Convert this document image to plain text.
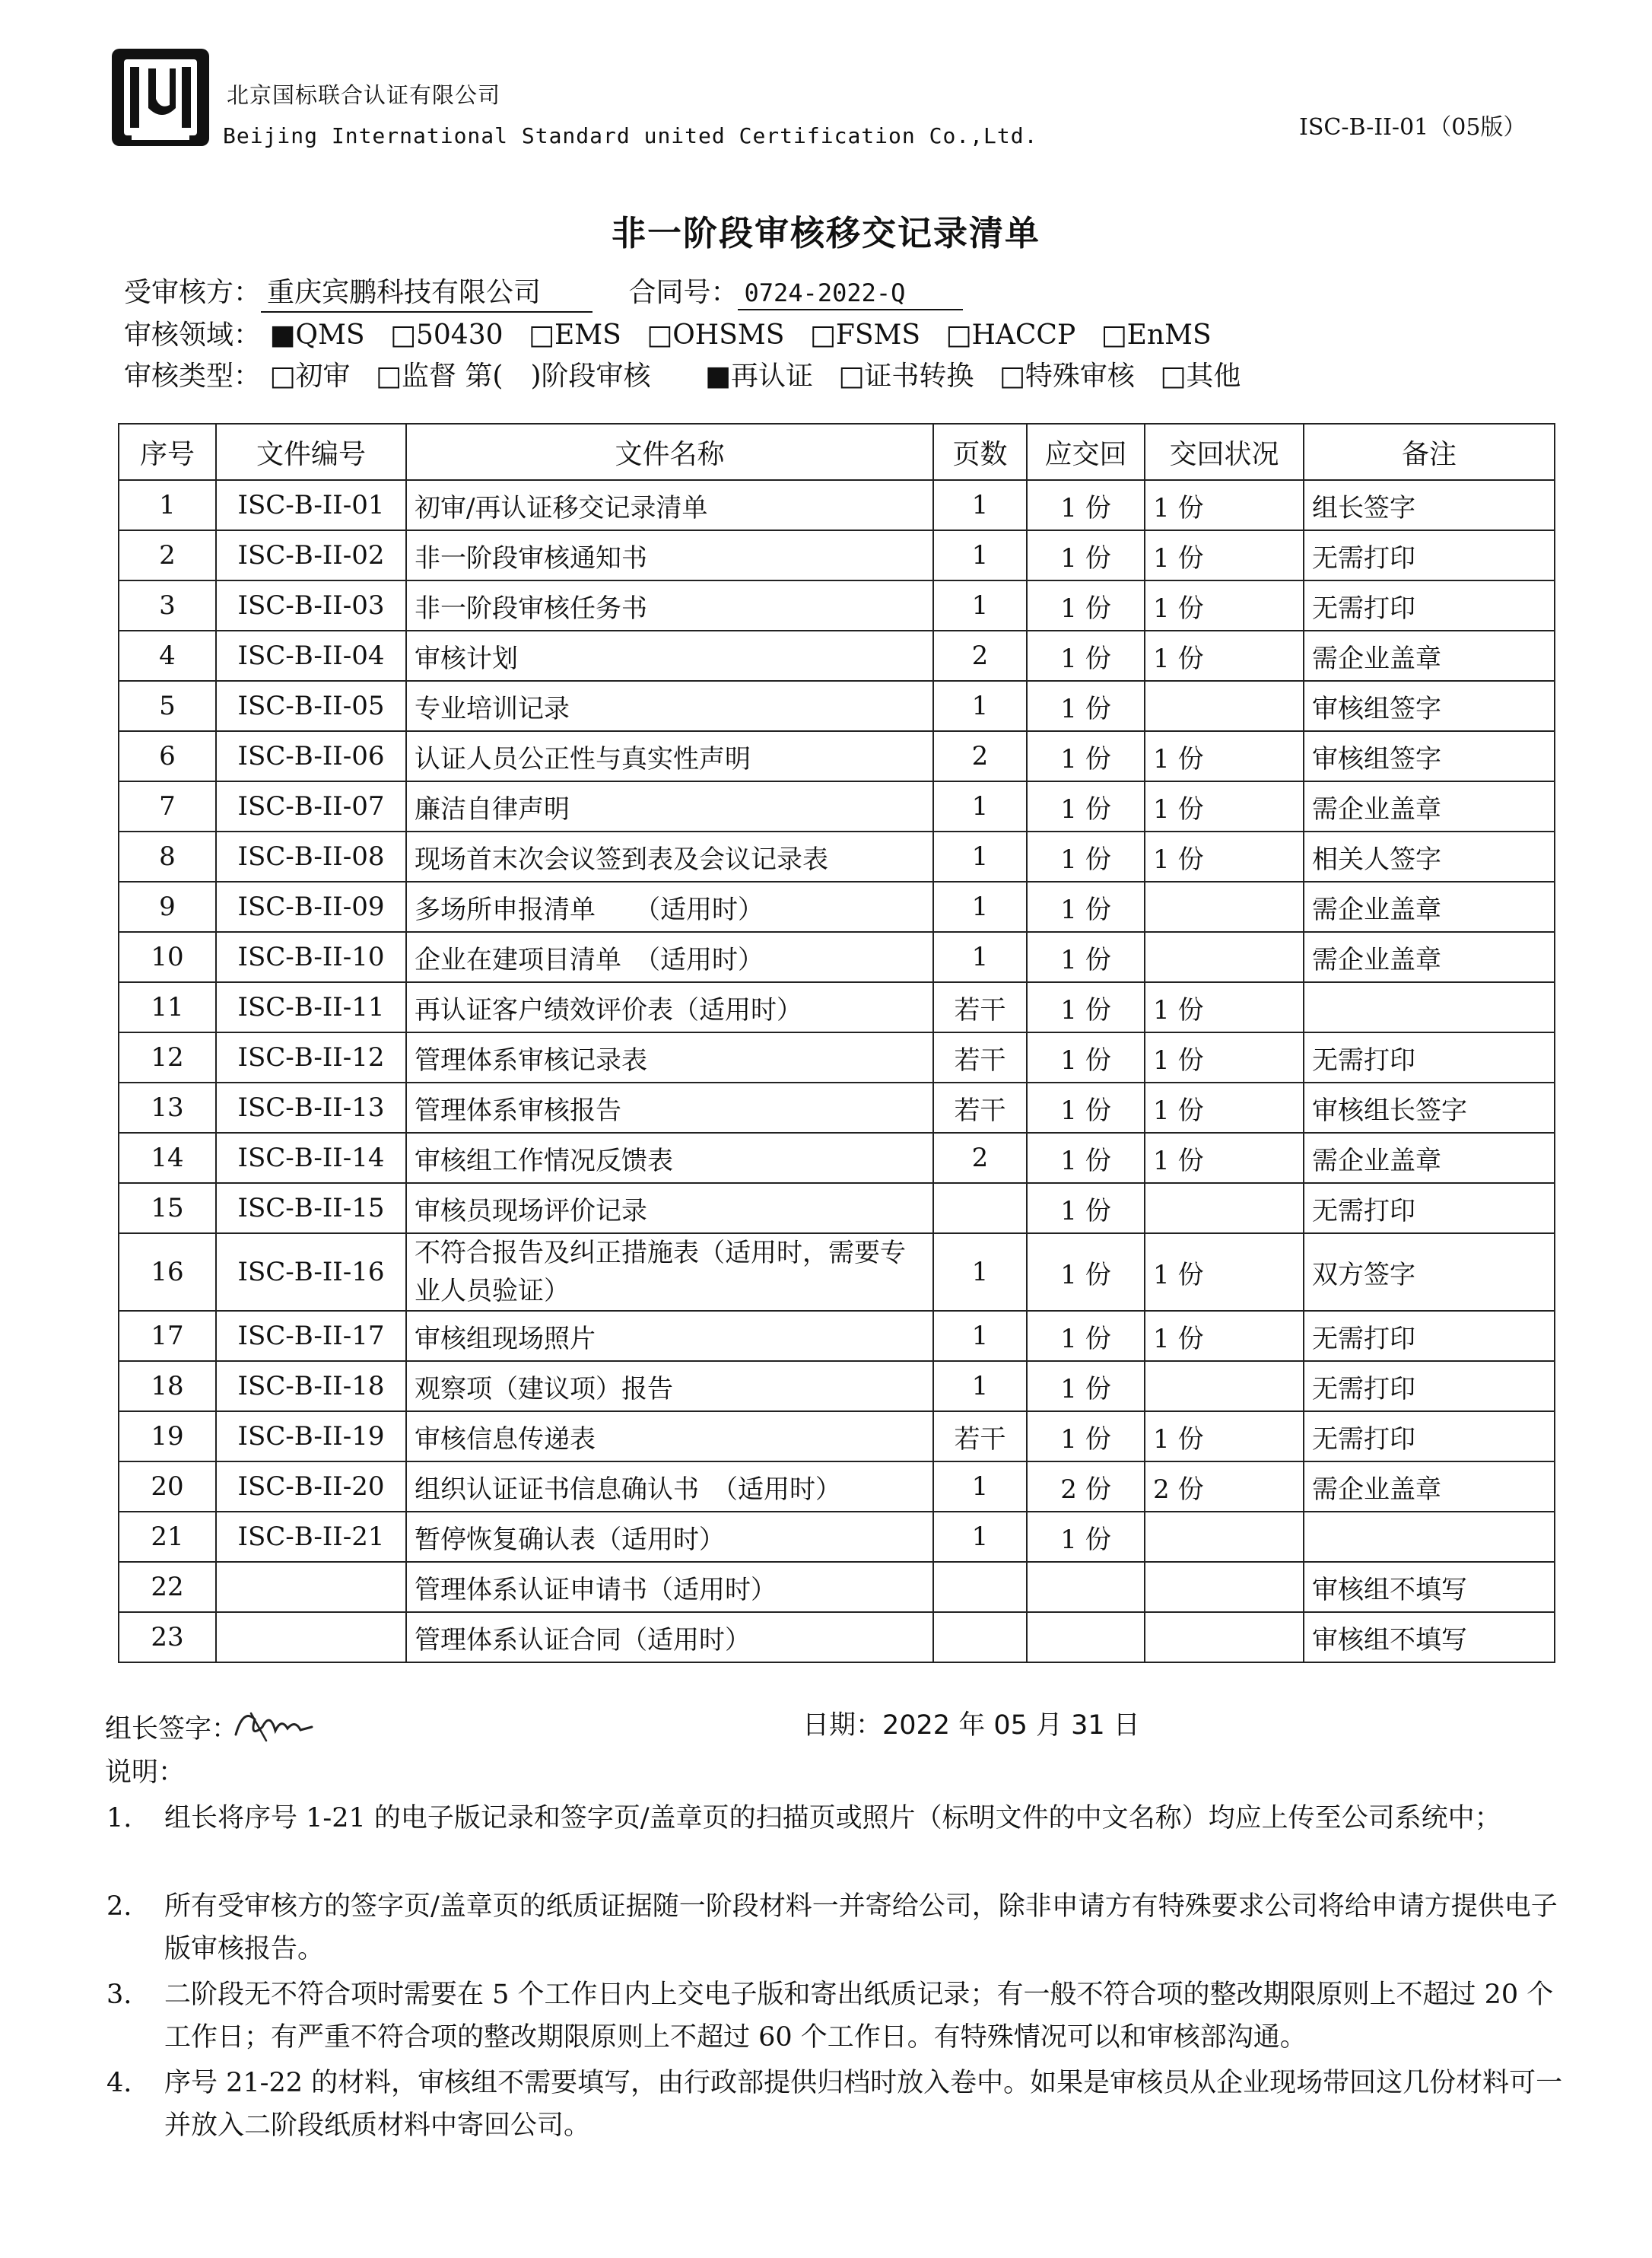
北京国标联合认证有限公司
Beijing International Standard united Certification Co.,Ltd.	ISC-B-II-01（05版）
非一阶段审核移交记录清单
受审核方： 重庆宾鹏科技有限公司	合同号： 0724-2022-Q
审核领域： ■QMS □50430 □EMS □OHSMS □FSMS □HACCP □EnMS
审核类型： □初审 □监督 第(　)阶段审核 ■再认证 □证书转换 □特殊审核 □其他
序号	文件编号	文件名称	页数	应交回	交回状况	备注
1	ISC-B-II-01	初审/再认证移交记录清单	1	1 份	1 份	组长签字
2	ISC-B-II-02	非一阶段审核通知书	1	1 份	1 份	无需打印
3	ISC-B-II-03	非一阶段审核任务书	1	1 份	1 份	无需打印
4	ISC-B-II-04	审核计划	2	1 份	1 份	需企业盖章
5	ISC-B-II-05	专业培训记录	1	1 份		审核组签字
6	ISC-B-II-06	认证人员公正性与真实性声明	2	1 份	1 份	审核组签字
7	ISC-B-II-07	廉洁自律声明	1	1 份	1 份	需企业盖章
8	ISC-B-II-08	现场首末次会议签到表及会议记录表	1	1 份	1 份	相关人签字
9	ISC-B-II-09	多场所申报清单　　（适用时）	1	1 份		需企业盖章
10	ISC-B-II-10	企业在建项目清单　（适用时）	1	1 份		需企业盖章
11	ISC-B-II-11	再认证客户绩效评价表（适用时）	若干	1 份	1 份	
12	ISC-B-II-12	管理体系审核记录表	若干	1 份	1 份	无需打印
13	ISC-B-II-13	管理体系审核报告	若干	1 份	1 份	审核组长签字
14	ISC-B-II-14	审核组工作情况反馈表	2	1 份	1 份	需企业盖章
15	ISC-B-II-15	审核员现场评价记录		1 份		无需打印
16	ISC-B-II-16	不符合报告及纠正措施表（适用时，需要专业人员验证）	1	1 份	1 份	双方签字
17	ISC-B-II-17	审核组现场照片	1	1 份	1 份	无需打印
18	ISC-B-II-18	观察项（建议项）报告	1	1 份		无需打印
19	ISC-B-II-19	审核信息传递表	若干	1 份	1 份	无需打印
20	ISC-B-II-20	组织认证证书信息确认书　（适用时）	1	2 份	2 份	需企业盖章
21	ISC-B-II-21	暂停恢复确认表（适用时）	1	1 份		
22		管理体系认证申请书（适用时）				审核组不填写
23		管理体系认证合同（适用时）				审核组不填写
组长签字：	日期：2022 年 05 月 31 日
说明：
1. 组长将序号 1-21 的电子版记录和签字页/盖章页的扫描页或照片（标明文件的中文名称）均应上传至公司系统中；
2. 所有受审核方的签字页/盖章页的纸质证据随一阶段材料一并寄给公司，除非申请方有特殊要求公司将给申请方提供电子版审核报告。
3. 二阶段无不符合项时需要在 5 个工作日内上交电子版和寄出纸质记录；有一般不符合项的整改期限原则上不超过 20 个工作日；有严重不符合项的整改期限原则上不超过 60 个工作日。有特殊情况可以和审核部沟通。
4. 序号 21-22 的材料，审核组不需要填写，由行政部提供归档时放入卷中。如果是审核员从企业现场带回这几份材料可一并放入二阶段纸质材料中寄回公司。
